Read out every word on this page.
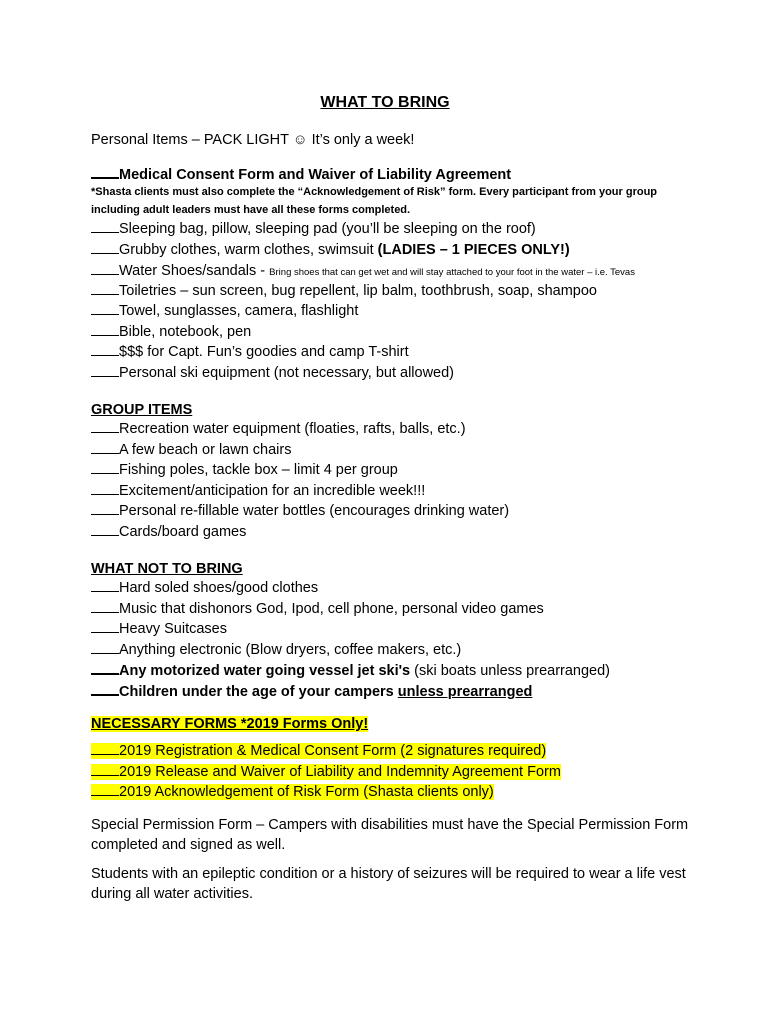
WHAT TO BRING
Personal Items – PACK LIGHT ☺ It’s only a week!
Medical Consent Form and Waiver of Liability Agreement
*Shasta clients must also complete the “Acknowledgement of Risk” form. Every participant from your group including adult leaders must have all these forms completed.
Sleeping bag, pillow, sleeping pad (you’ll be sleeping on the roof)
Grubby clothes, warm clothes, swimsuit (LADIES – 1 PIECES ONLY!)
Water Shoes/sandals - Bring shoes that can get wet and will stay attached to your foot in the water – i.e. Tevas
Toiletries – sun screen, bug repellent, lip balm, toothbrush, soap, shampoo
Towel, sunglasses, camera, flashlight
Bible, notebook, pen
$$$ for Capt. Fun’s goodies and camp T-shirt
Personal ski equipment (not necessary, but allowed)
GROUP ITEMS
Recreation water equipment (floaties, rafts, balls, etc.)
A few beach or lawn chairs
Fishing poles, tackle box – limit 4 per group
Excitement/anticipation for an incredible week!!!
Personal re-fillable water bottles (encourages drinking water)
Cards/board games
WHAT NOT TO BRING
Hard soled shoes/good clothes
Music that dishonors God, Ipod, cell phone, personal video games
Heavy Suitcases
Anything electronic (Blow dryers, coffee makers, etc.)
Any motorized water going vessel jet ski's (ski boats unless prearranged)
Children under the age of your campers unless prearranged
NECESSARY FORMS *2019 Forms Only!
2019 Registration & Medical Consent Form (2 signatures required)
2019 Release and Waiver of Liability and Indemnity Agreement Form
2019 Acknowledgement of Risk Form (Shasta clients only)
Special Permission Form – Campers with disabilities must have the Special Permission Form completed and signed as well.
Students with an epileptic condition or a history of seizures will be required to wear a life vest during all water activities.
